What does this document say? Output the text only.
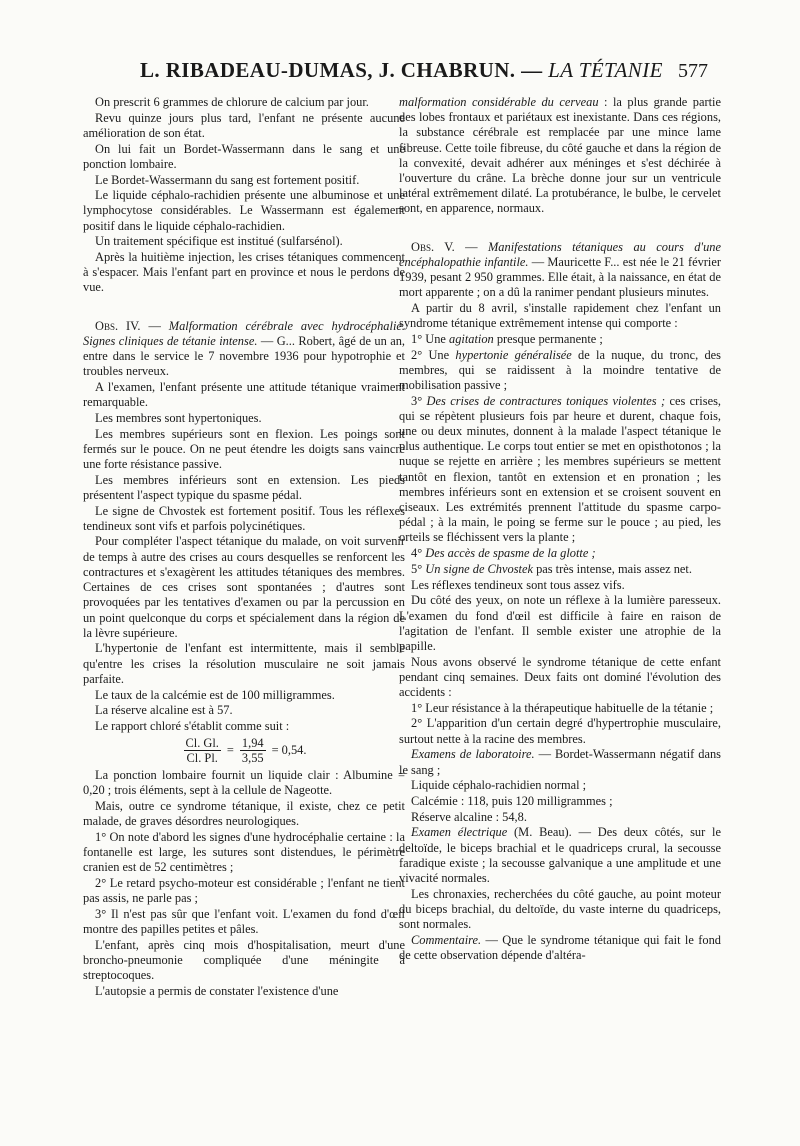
L. RIBADEAU-DUMAS, J. CHABRUN. — LA TÉTANIE 577

On prescrit 6 grammes de chlorure de calcium par jour.

Revu quinze jours plus tard, l'enfant ne présente aucune amélioration de son état.

On lui fait un Bordet-Wassermann dans le sang et une ponction lombaire.

Le Bordet-Wassermann du sang est fortement positif.

Le liquide céphalo-rachidien présente une albuminose et une lymphocytose considérables. Le Wassermann est également positif dans le liquide céphalo-rachidien.

Un traitement spécifique est institué (sulfarsénol).

Après la huitième injection, les crises tétaniques commencent à s'espacer. Mais l'enfant part en province et nous le perdons de vue.

Obs. IV. — Malformation cérébrale avec hydrocéphalie. Signes cliniques de tétanie intense. — G... Robert, âgé de un an, entre dans le service le 7 novembre 1936 pour hypotrophie et troubles nerveux.

A l'examen, l'enfant présente une attitude tétanique vraiment remarquable.

Les membres sont hypertoniques.

Les membres supérieurs sont en flexion. Les poings sont fermés sur le pouce. On ne peut étendre les doigts sans vaincre une forte résistance passive.

Les membres inférieurs sont en extension. Les pieds présentent l'aspect typique du spasme pédal.

Le signe de Chvostek est fortement positif. Tous les réflexes tendineux sont vifs et parfois polycinétiques.

Pour compléter l'aspect tétanique du malade, on voit survenir de temps à autre des crises au cours desquelles se renforcent les contractures et s'exagèrent les attitudes tétaniques des membres. Certaines de ces crises sont spontanées ; d'autres sont provoquées par les tentatives d'examen ou par la percussion en un point quelconque du corps et spécialement dans la région de la lèvre supérieure.

L'hypertonie de l'enfant est intermittente, mais il semble qu'entre les crises la résolution musculaire ne soit jamais parfaite.

Le taux de la calcémie est de 100 milligrammes.

La réserve alcaline est à 57.

Le rapport chloré s'établit comme suit :

$\frac{Cl. Gl.}{Cl. Pl.} = \frac{1,94}{3,55} = 0,54$.

La ponction lombaire fournit un liquide clair : Albumine = 0,20 ; trois éléments, sept à la cellule de Nageotte.

Mais, outre ce syndrome tétanique, il existe, chez ce petit malade, de graves désordres neurologiques.

1° On note d'abord les signes d'une hydrocéphalie certaine : la fontanelle est large, les sutures sont distendues, le périmètre cranien est de 52 centimètres ;

2° Le retard psycho-moteur est considérable ; l'enfant ne tient pas assis, ne parle pas ;

3° Il n'est pas sûr que l'enfant voit. L'examen du fond d'œil montre des papilles petites et pâles.

L'enfant, après cinq mois d'hospitalisation, meurt d'une broncho-pneumonie compliquée d'une méningite à streptocoques.

L'autopsie a permis de constater l'existence d'une

malformation considérable du cerveau : la plus grande partie des lobes frontaux et pariétaux est inexistante. Dans ces régions, la substance cérébrale est remplacée par une mince lame fibreuse. Cette toile fibreuse, du côté gauche et dans la région de la convexité, devait adhérer aux méninges et s'est déchirée à l'ouverture du crâne. La brèche donne jour sur un ventricule latéral extrêmement dilaté. La protubérance, le bulbe, le cervelet sont, en apparence, normaux.

Obs. V. — Manifestations tétaniques au cours d'une encéphalopathie infantile. — Mauricette F... est née le 21 février 1939, pesant 2 950 grammes. Elle était, à la naissance, en état de mort apparente ; on a dû la ranimer pendant plusieurs minutes.

A partir du 8 avril, s'installe rapidement chez l'enfant un syndrome tétanique extrêmement intense qui comporte :

1° Une agitation presque permanente ;

2° Une hypertonie généralisée de la nuque, du tronc, des membres, qui se raidissent à la moindre tentative de mobilisation passive ;

3° Des crises de contractures toniques violentes ; ces crises, qui se répètent plusieurs fois par heure et durent, chaque fois, une ou deux minutes, donnent à la malade l'aspect tétanique le plus authentique. Le corps tout entier se met en opisthotonos ; la nuque se rejette en arrière ; les membres supérieurs se mettent tantôt en flexion, tantôt en extension et en pronation ; les membres inférieurs sont en extension et se croisent souvent en ciseaux. Les extrémités prennent l'attitude du spasme carpo-pédal ; à la main, le poing se ferme sur le pouce ; au pied, les orteils se fléchissent vers la plante ;

4° Des accès de spasme de la glotte ;

5° Un signe de Chvostek pas très intense, mais assez net.

Les réflexes tendineux sont tous assez vifs.

Du côté des yeux, on note un réflexe à la lumière paresseux. L'examen du fond d'œil est difficile à faire en raison de l'agitation de l'enfant. Il semble exister une atrophie de la papille.

Nous avons observé le syndrome tétanique de cette enfant pendant cinq semaines. Deux faits ont dominé l'évolution des accidents :

1° Leur résistance à la thérapeutique habituelle de la tétanie ;

2° L'apparition d'un certain degré d'hypertrophie musculaire, surtout nette à la racine des membres.

Examens de laboratoire. — Bordet-Wassermann négatif dans le sang ;

Liquide céphalo-rachidien normal ;

Calcémie : 118, puis 120 milligrammes ;

Réserve alcaline : 54,8.

Examen électrique (M. Beau). — Des deux côtés, sur le deltoïde, le biceps brachial et le quadriceps crural, la secousse faradique existe ; la secousse galvanique a une amplitude et une vivacité normales.

Les chronaxies, recherchées du côté gauche, au point moteur du biceps brachial, du deltoïde, du vaste interne du quadriceps, sont normales.

Commentaire. — Que le syndrome tétanique qui fait le fond de cette observation dépende d'altéra-
